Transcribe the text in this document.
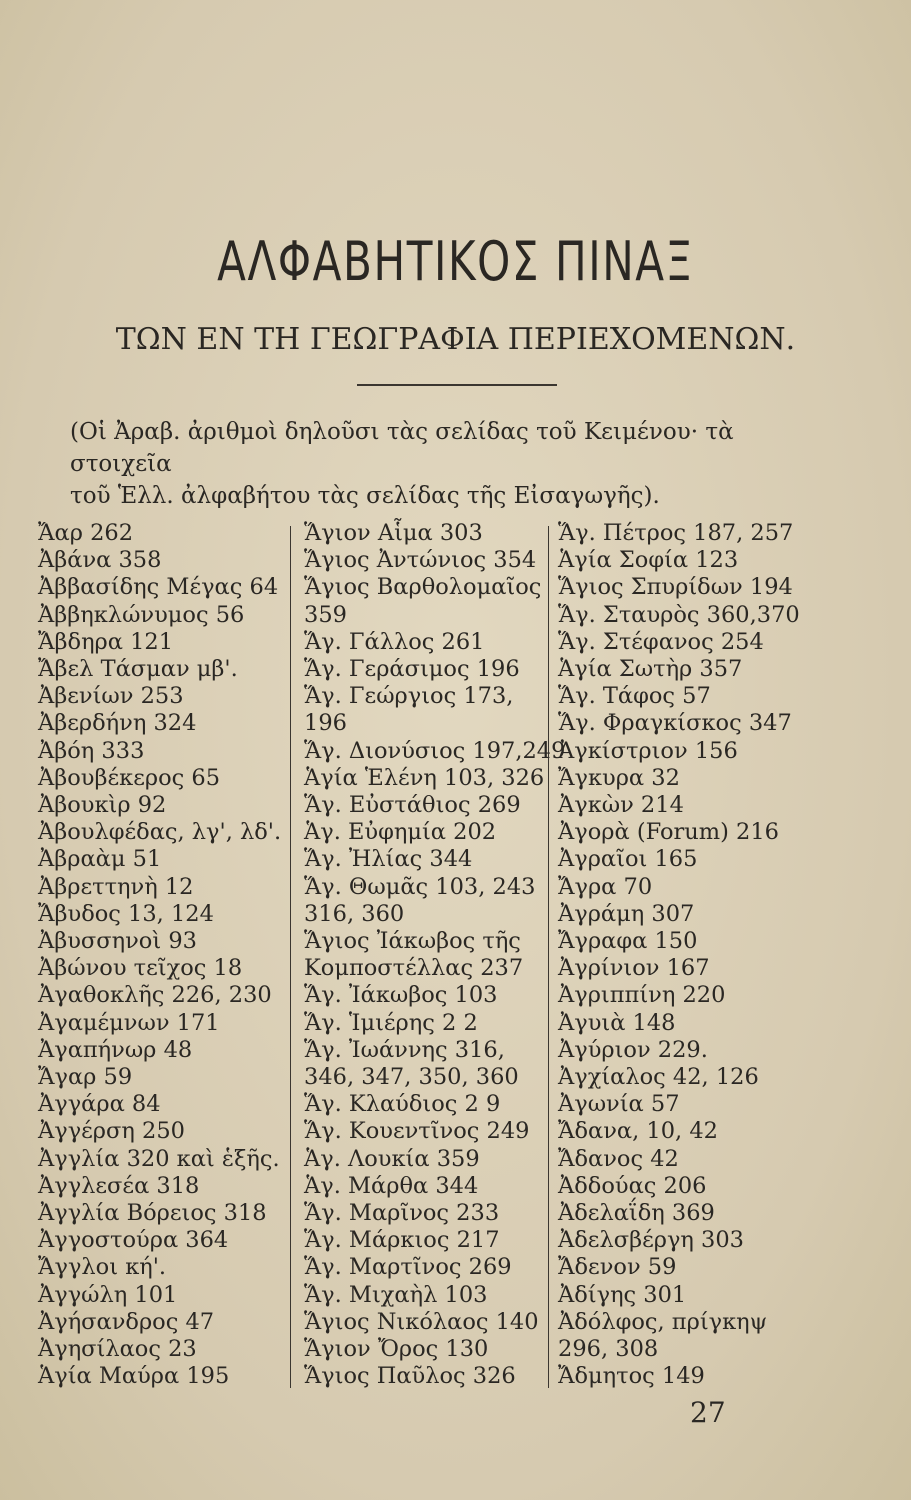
ΑΛΦΑΒΗΤΙΚΟΣ ΠΙΝΑΞ
ΤΩΝ ΕΝ ΤΗ ΓΕΩΓΡΑΦΙΑ ΠΕΡΙΕΧΟΜΕΝΩΝ.

(Οἱ Ἀραβ. ἀριθμοὶ δηλοῦσι τὰς σελίδας τοῦ Κειμένου· τὰ στοιχεῖα

τοῦ Ἑλλ. ἀλφαβήτου τὰς σελίδας τῆς Εἰσαγωγῆς).

Ἄαρ 262
Ἀβάνα 358
Ἀββασίδης Μέγας 64
Ἀββηκλώνυμος 56
Ἄβδηρα 121
Ἄβελ Τάσμαν μβ'.
Ἀβενίων 253
Ἀβερδήνη 324
Ἀβόη 333
Ἀβουβέκερος 65
Ἀβουκὶρ 92
Ἀβουλφέδας, λγ', λδ'.
Ἀβραὰμ 51
Ἀβρεττηνὴ 12
Ἄβυδος 13, 124
Ἀβυσσηνοὶ 93
Ἀβώνου τεῖχος 18
Ἀγαθοκλῆς 226, 230
Ἀγαμέμνων 171
Ἀγαπήνωρ 48
Ἄγαρ 59
Ἀγγάρα 84
Ἀγγέρση 250
Ἀγγλία 320 καὶ ἑξῆς.
Ἀγγλεσέα 318
Ἀγγλία Βόρειος 318
Ἀγγοστούρα 364
Ἄγγλοι κή'.
Ἀγγώλη 101
Ἀγήσανδρος 47
Ἀγησίλαος 23
Ἁγία Μαύρα 195
Ἅγιον Αἷμα 303
Ἅγιος Ἀντώνιος 354
Ἅγιος Βαρθολομαῖος
359
Ἅγ. Γάλλος 261
Ἅγ. Γεράσιμος 196
Ἅγ. Γεώργιος 173,
196
Ἅγ. Διονύσιος 197,249
Ἁγία Ἑλένη 103, 326
Ἅγ. Εὐστάθιος 269
Ἁγ. Εὐφημία 202
Ἅγ. Ἠλίας 344
Ἅγ. Θωμᾶς 103, 243
316, 360
Ἅγιος Ἰάκωβος τῆς
Κομποστέλλας 237
Ἅγ. Ἰάκωβος 103
Ἅγ. Ἱμιέρης 2 2
Ἅγ. Ἰωάννης 316,
346, 347, 350, 360
Ἅγ. Κλαύδιος 2 9
Ἅγ. Κουεντῖνος 249
Ἁγ. Λουκία 359
Ἁγ. Μάρθα 344
Ἅγ. Μαρῖνος 233
Ἅγ. Μάρκιος 217
Ἅγ. Μαρτῖνος 269
Ἅγ. Μιχαὴλ 103
Ἅγιος Νικόλαος 140
Ἅγιον Ὄρος 130
Ἅγιος Παῦλος 326
Ἅγ. Πέτρος 187, 257
Ἁγία Σοφία 123
Ἅγιος Σπυρίδων 194
Ἅγ. Σταυρὸς 360,370
Ἅγ. Στέφανος 254
Ἁγία Σωτὴρ 357
Ἅγ. Τάφος 57
Ἅγ. Φραγκίσκος 347
Ἀγκίστριον 156
Ἄγκυρα 32
Ἀγκὼν 214
Ἀγορὰ (Forum) 216
Ἀγραῖοι 165
Ἄγρα 70
Ἀγράμη 307
Ἄγραφα 150
Ἀγρίνιον 167
Ἀγριππίνη 220
Ἀγυιὰ 148
Ἀγύριον 229.
Ἀγχίαλος 42, 126
Ἀγωνία 57
Ἄδανα, 10, 42
Ἄδανος 42
Ἀδδούας 206
Ἀδελαΐδη 369
Ἀδελσβέργη 303
Ἄδενον 59
Ἀδίγης 301
Ἀδόλφος, πρίγκηψ
296, 308
Ἄδμητος 149
27
